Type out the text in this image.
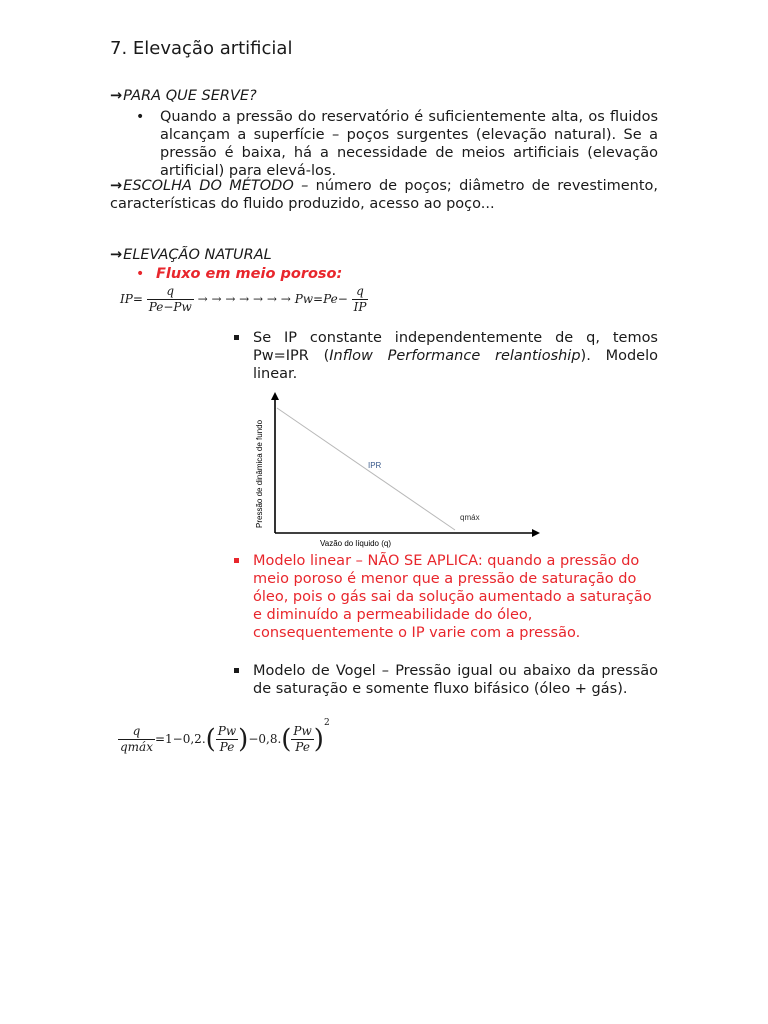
7. Elevação artificial
→PARA QUE SERVE?
• Quando a pressão do reservatório é suficientemente alta, os fluidos alcançam a superfície – poços surgentes (elevação natural). Se a pressão é baixa, há a necessidade de meios artificiais (elevação artificial) para elevá-los.
→ESCOLHA DO MÉTODO – número de poços; diâmetro de revestimento, características do fluido produzido, acesso ao poço...
→ELEVAÇÃO NATURAL
• Fluxo em meio poroso:
$IP= \frac{q}{Pe-Pw}$ → → → → → → → $Pw=Pe- \frac{q}{IP}$
Se IP constante independentemente de q, temos Pw=IPR (Inflow Performance relantioship). Modelo linear.
IPR
qmáx
Vazão do líquido (q)
Pressão de dinâmica de fundo
Modelo linear – NÃO SE APLICA: quando a pressão do meio poroso é menor que a pressão de saturação do óleo, pois o gás sai da solução aumentado a saturação e diminuído a permeabilidade do óleo, consequentemente o IP varie com a pressão.
Modelo de Vogel – Pressão igual ou abaixo da pressão de saturação e somente fluxo bifásico (óleo + gás).
$\frac{q}{\text{qmáx}} =1-0,2.( \frac{Pw}{Pe} )-0,8.( \frac{Pw}{Pe} )^2$
